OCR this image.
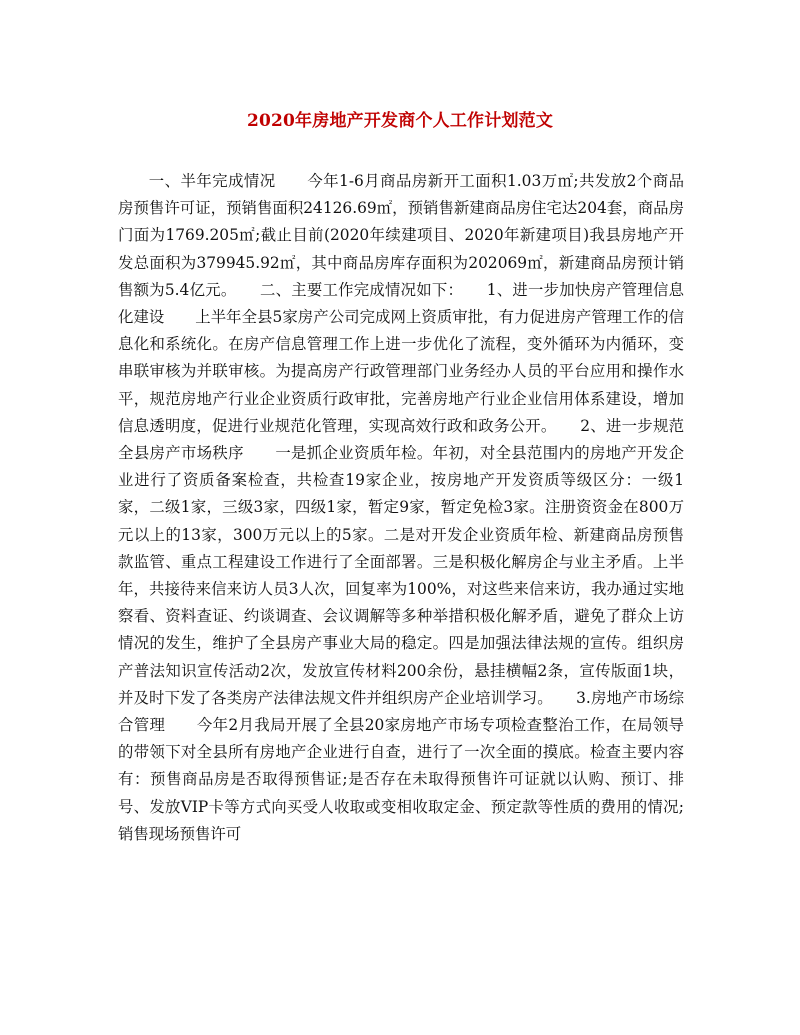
2020年房地产开发商个人工作计划范文

一、半年完成情况　　今年1-6月商品房新开工面积1.03万㎡;共发放2个商品房预售许可证，预销售面积24126.69㎡，预销售新建商品房住宅达204套，商品房门面为1769.205㎡;截止目前(2020年续建项目、2020年新建项目)我县房地产开发总面积为379945.92㎡，其中商品房库存面积为202069㎡，新建商品房预计销售额为5.4亿元。　　二、主要工作完成情况如下：　　1、进一步加快房产管理信息化建设　　上半年全县5家房产公司完成网上资质审批，有力促进房产管理工作的信息化和系统化。在房产信息管理工作上进一步优化了流程，变外循环为内循环，变串联审核为并联审核。为提高房产行政管理部门业务经办人员的平台应用和操作水平，规范房地产行业企业资质行政审批，完善房地产行业企业信用体系建设，增加信息透明度，促进行业规范化管理，实现高效行政和政务公开。　　2、进一步规范全县房产市场秩序　　一是抓企业资质年检。年初，对全县范围内的房地产开发企业进行了资质备案检查，共检查19家企业，按房地产开发资质等级区分：一级1家，二级1家，三级3家，四级1家，暂定9家，暂定免检3家。注册资资金在800万元以上的13家，300万元以上的5家。二是对开发企业资质年检、新建商品房预售款监管、重点工程建设工作进行了全面部署。三是积极化解房企与业主矛盾。上半年，共接待来信来访人员3人次，回复率为100%，对这些来信来访，我办通过实地察看、资料查证、约谈调查、会议调解等多种举措积极化解矛盾，避免了群众上访情况的发生，维护了全县房产事业大局的稳定。四是加强法律法规的宣传。组织房产普法知识宣传活动2次，发放宣传材料200余份，悬挂横幅2条，宣传版面1块，并及时下发了各类房产法律法规文件并组织房产企业培训学习。　　3.房地产市场综合管理　　今年2月我局开展了全县20家房地产市场专项检查整治工作，在局领导的带领下对全县所有房地产企业进行自查，进行了一次全面的摸底。检查主要内容有：预售商品房是否取得预售证;是否存在未取得预售许可证就以认购、预订、排号、发放VIP卡等方式向买受人收取或变相收取定金、预定款等性质的费用的情况;销售现场预售许可
